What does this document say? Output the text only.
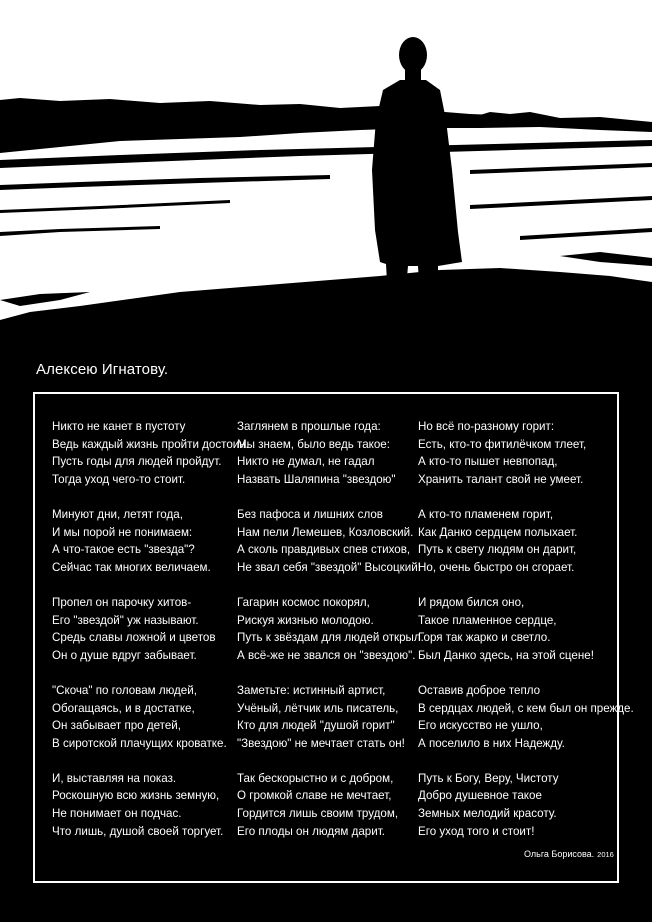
Алексею Игнатову.
Никто не канет в пустоту
Ведь каждый жизнь пройти достоин.
Пусть годы для людей пройдут.
Тогда уход чего-то стоит.
Минуют дни, летят года,
И мы порой не понимаем:
А что-такое есть "звезда"?
Сейчас так многих величаем.
Пропел он парочку хитов-
Его "звездой" уж называют.
Средь славы ложной и цветов
Он о душе вдруг забывает.
"Скоча" по головам людей,
Обогащаясь, и в достатке,
Он забывает про детей,
В сиротской плачущих кроватке.
И, выставляя на показ.
Роскошную всю жизнь земную,
Не понимает он подчас.
Что лишь, душой своей торгует.
Заглянем в прошлые года:
Мы знаем, было ведь такое:
Никто не думал, не гадал
Назвать Шаляпина "звездою"
Без пафоса и лишних слов
Нам пели Лемешев, Козловский.
А сколь правдивых спев стихов,
Не звал себя "звездой" Высоцкий!
Гагарин космос покорял,
Рискуя жизнью молодою.
Путь к звёздам для людей открыл.
А всё-же не звался он "звездою".
Заметьте: истинный артист,
Учёный, лётчик иль писатель,
Кто для людей "душой горит"
"Звездою" не мечтает стать он!
Так бескорыстно и с добром,
О громкой славе не мечтает,
Гордится лишь своим трудом,
Его плоды он людям дарит.
Но всё по-разному горит:
Есть, кто-то фитилёчком тлеет,
А кто-то пышет невпопад,
Хранить талант свой не умеет.
А кто-то пламенем горит,
Как Данко сердцем полыхает.
Путь к свету людям он дарит,
Но, очень быстро он сгорает.
И рядом бился оно,
Такое пламенное сердце,
Горя так жарко и светло.
Был Данко здесь, на этой сцене!
Оставив доброе тепло
В сердцах людей, с кем был он прежде.
Его искусство не ушло,
А поселило в них Надежду.
Путь к Богу, Веру, Чистоту
Добро душевное такое
Земных мелодий красоту.
Его уход того и стоит!
Ольга Борисова. 2016
